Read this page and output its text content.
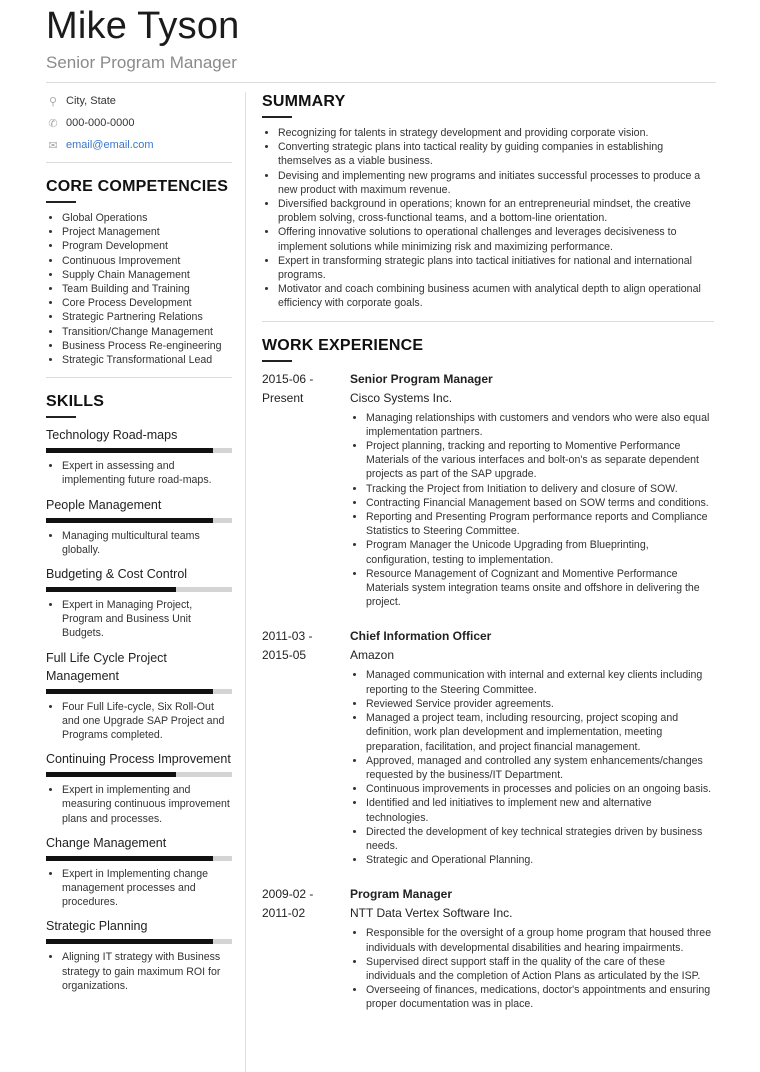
Mike Tyson
Senior Program Manager
⚲ City, State
✆ 000-000-0000
✉ email@email.com
CORE COMPETENCIES
• Global Operations
• Project Management
• Program Development
• Continuous Improvement
• Supply Chain Management
• Team Building and Training
• Core Process Development
• Strategic Partnering Relations
• Transition/Change Management
• Business Process Re-engineering
• Strategic Transformational Lead
SKILLS
Technology Road-maps
• Expert in assessing and implementing future road-maps.
People Management
• Managing multicultural teams globally.
Budgeting & Cost Control
• Expert in Managing Project, Program and Business Unit Budgets.
Full Life Cycle Project Management
• Four Full Life-cycle, Six Roll-Out and one Upgrade SAP Project and Programs completed.
Continuing Process Improvement
• Expert in implementing and measuring continuous improvement plans and processes.
Change Management
• Expert in Implementing change management processes and procedures.
Strategic Planning
• Aligning IT strategy with Business strategy to gain maximum ROI for organizations.
SUMMARY
• Recognizing for talents in strategy development and providing corporate vision.
• Converting strategic plans into tactical reality by guiding companies in establishing themselves as a viable business.
• Devising and implementing new programs and initiates successful processes to produce a new product with maximum revenue.
• Diversified background in operations; known for an entrepreneurial mindset, the creative problem solving, cross-functional teams, and a bottom-line orientation.
• Offering innovative solutions to operational challenges and leverages decisiveness to implement solutions while minimizing risk and maximizing performance.
• Expert in transforming strategic plans into tactical initiatives for national and international programs.
• Motivator and coach combining business acumen with analytical depth to align operational efficiency with corporate goals.
WORK EXPERIENCE
2015-06 -
Present
Senior Program Manager
Cisco Systems Inc.
• Managing relationships with customers and vendors who were also equal implementation partners.
• Project planning, tracking and reporting to Momentive Performance Materials of the various interfaces and bolt-on's as separate dependent projects as part of the SAP upgrade.
• Tracking the Project from Initiation to delivery and closure of SOW.
• Contracting Financial Management based on SOW terms and conditions.
• Reporting and Presenting Program performance reports and Compliance Statistics to Steering Committee.
• Program Manager the Unicode Upgrading from Blueprinting, configuration, testing to implementation.
• Resource Management of Cognizant and Momentive Performance Materials system integration teams onsite and offshore in delivering the project.
2011-03 -
2015-05
Chief Information Officer
Amazon
• Managed communication with internal and external key clients including reporting to the Steering Committee.
• Reviewed Service provider agreements.
• Managed a project team, including resourcing, project scoping and definition, work plan development and implementation, meeting preparation, facilitation, and project financial management.
• Approved, managed and controlled any system enhancements/changes requested by the business/IT Department.
• Continuous improvements in processes and policies on an ongoing basis.
• Identified and led initiatives to implement new and alternative technologies.
• Directed the development of key technical strategies driven by business needs.
• Strategic and Operational Planning.
2009-02 -
2011-02
Program Manager
NTT Data Vertex Software Inc.
• Responsible for the oversight of a group home program that housed three individuals with developmental disabilities and hearing impairments.
• Supervised direct support staff in the quality of the care of these individuals and the completion of Action Plans as articulated by the ISP.
• Overseeing of finances, medications, doctor's appointments and ensuring proper documentation was in place.
